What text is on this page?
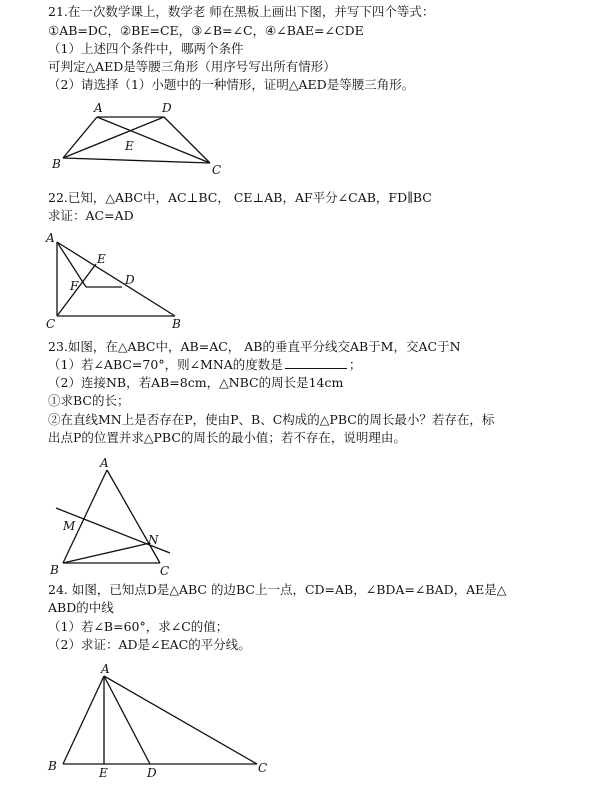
21.在一次数学课上，数学老 师在黑板上画出下图，并写下四个等式：
①AB=DC，②BE=CE，③∠B=∠C，④∠BAE=∠CDE
（1）上述四个条件中，哪两个条件
可判定△AED是等腰三角形（用序号写出所有情形）
（2）请选择（1）小题中的一种情形，证明△AED是等腰三角形。
A	D
E
B	C
22.已知，△ABC中，AC⊥BC， CE⊥AB，AF平分∠CAB，FD∥BC
求证：AC=AD
A
E
F	D
C	B
23.如图，在△ABC中，AB=AC， AB的垂直平分线交AB于M，交AC于N
（1）若∠ABC=70°，则∠MNA的度数是	；
（2）连接NB，若AB=8cm，△NBC的周长是14cm
①求BC的长；
②在直线MN上是否存在P，使由P、B、C构成的△PBC的周长最小？若存在，标
出点P的位置并求△PBC的周长的最小值；若不存在，说明理由。
A
M
N
B	C
24. 如图，已知点D是△ABC 的边BC上一点，CD=AB，∠BDA=∠BAD，AE是△
ABD的中线
（1）若∠B=60°，求∠C的值；
（2）求证：AD是∠EAC的平分线。
A
B	E	D	C
